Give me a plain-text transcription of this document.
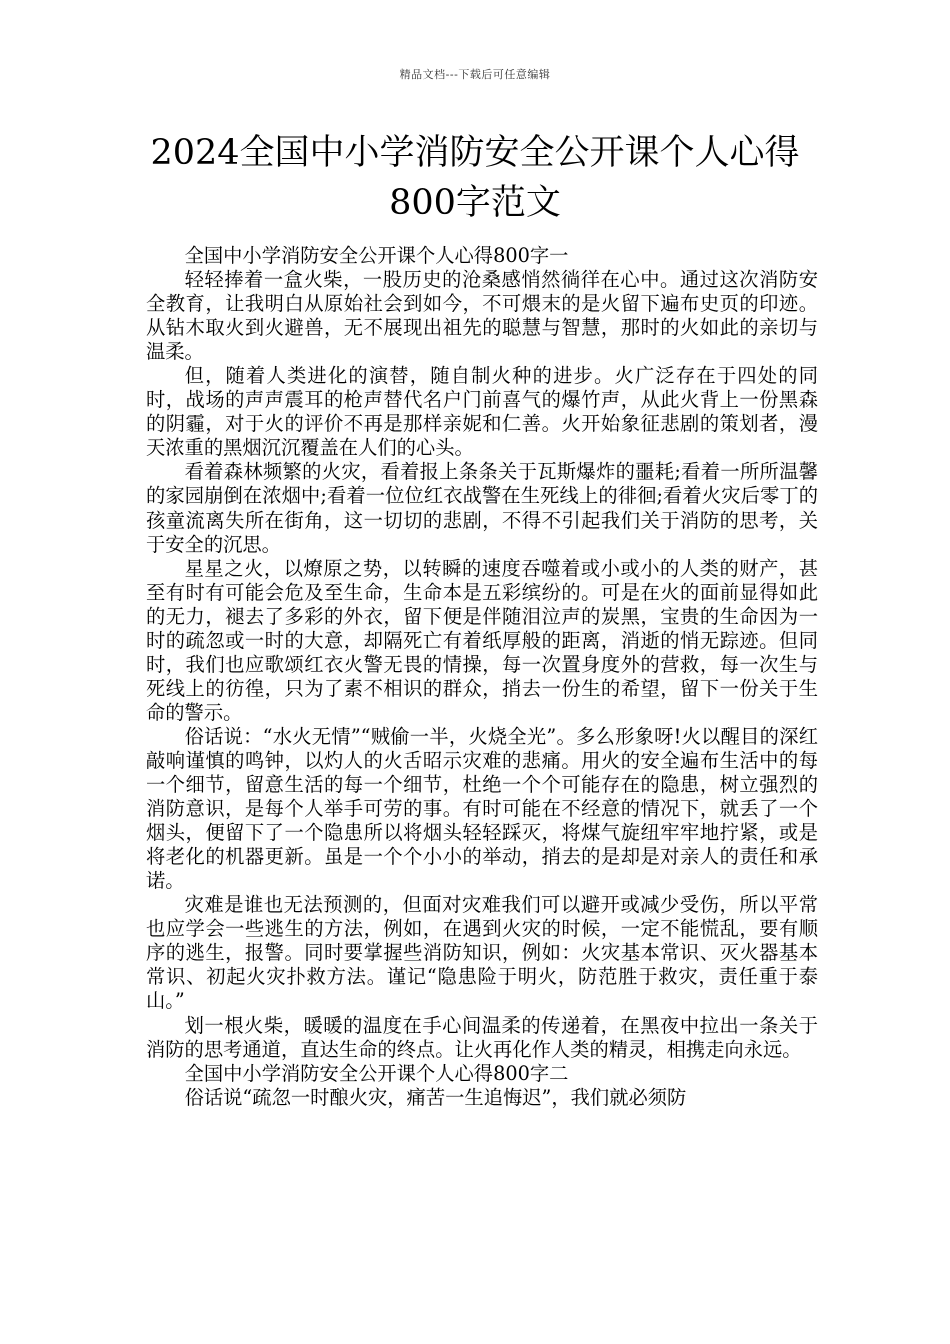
精品文档---下载后可任意编辑
2024全国中小学消防安全公开课个人心得
800字范文

全国中小学消防安全公开课个人心得800字一

轻轻捧着一盒火柴，一股历史的沧桑感悄然徜徉在心中。通过这次消防安全教育，让我明白从原始社会到如今，不可煨末的是火留下遍布史页的印迹。从钻木取火到火避兽，无不展现出祖先的聪慧与智慧，那时的火如此的亲切与温柔。

但，随着人类进化的演替，随自制火种的进步。火广泛存在于四处的同时，战场的声声震耳的枪声替代名户门前喜气的爆竹声，从此火背上一份黑森的阴霾，对于火的评价不再是那样亲妮和仁善。火开始象征悲剧的策划者，漫天浓重的黑烟沉沉覆盖在人们的心头。

看着森林频繁的火灾，看着报上条条关于瓦斯爆炸的噩耗;看着一所所温馨的家园崩倒在浓烟中;看着一位位红衣战警在生死线上的徘徊;看着火灾后零丁的孩童流离失所在街角，这一切切的悲剧，不得不引起我们关于消防的思考，关于安全的沉思。

星星之火，以燎原之势，以转瞬的速度吞噬着或小或小的人类的财产，甚至有时有可能会危及至生命，生命本是五彩缤纷的。可是在火的面前显得如此的无力，褪去了多彩的外衣，留下便是伴随泪泣声的炭黑，宝贵的生命因为一时的疏忽或一时的大意，却隔死亡有着纸厚般的距离，消逝的悄无踪迹。但同时，我们也应歌颂红衣火警无畏的情操，每一次置身度外的营救，每一次生与死线上的彷徨，只为了素不相识的群众，捎去一份生的希望，留下一份关于生命的警示。

俗话说：“水火无情”“贼偷一半，火烧全光”。多么形象呀!火以醒目的深红敲响谨慎的鸣钟，以灼人的火舌昭示灾难的悲痛。用火的安全遍布生活中的每一个细节，留意生活的每一个细节，杜绝一个个可能存在的隐患，树立强烈的消防意识，是每个人举手可劳的事。有时可能在不经意的情况下，就丢了一个烟头，便留下了一个隐患所以将烟头轻轻踩灭，将煤气旋纽牢牢地拧紧，或是将老化的机器更新。虽是一个个小小的举动，捎去的是却是对亲人的责任和承诺。

灾难是谁也无法预测的，但面对灾难我们可以避开或减少受伤，所以平常也应学会一些逃生的方法，例如，在遇到火灾的时候，一定不能慌乱，要有顺序的逃生，报警。同时要掌握些消防知识，例如：火灾基本常识、灭火器基本常识、初起火灾扑救方法。谨记“隐患险于明火，防范胜于救灾，责任重于泰山。”

划一根火柴，暖暖的温度在手心间温柔的传递着，在黑夜中拉出一条关于消防的思考通道，直达生命的终点。让火再化作人类的精灵，相携走向永远。

全国中小学消防安全公开课个人心得800字二

俗话说“疏忽一时酿火灾，痛苦一生追悔迟”，我们就必须防
